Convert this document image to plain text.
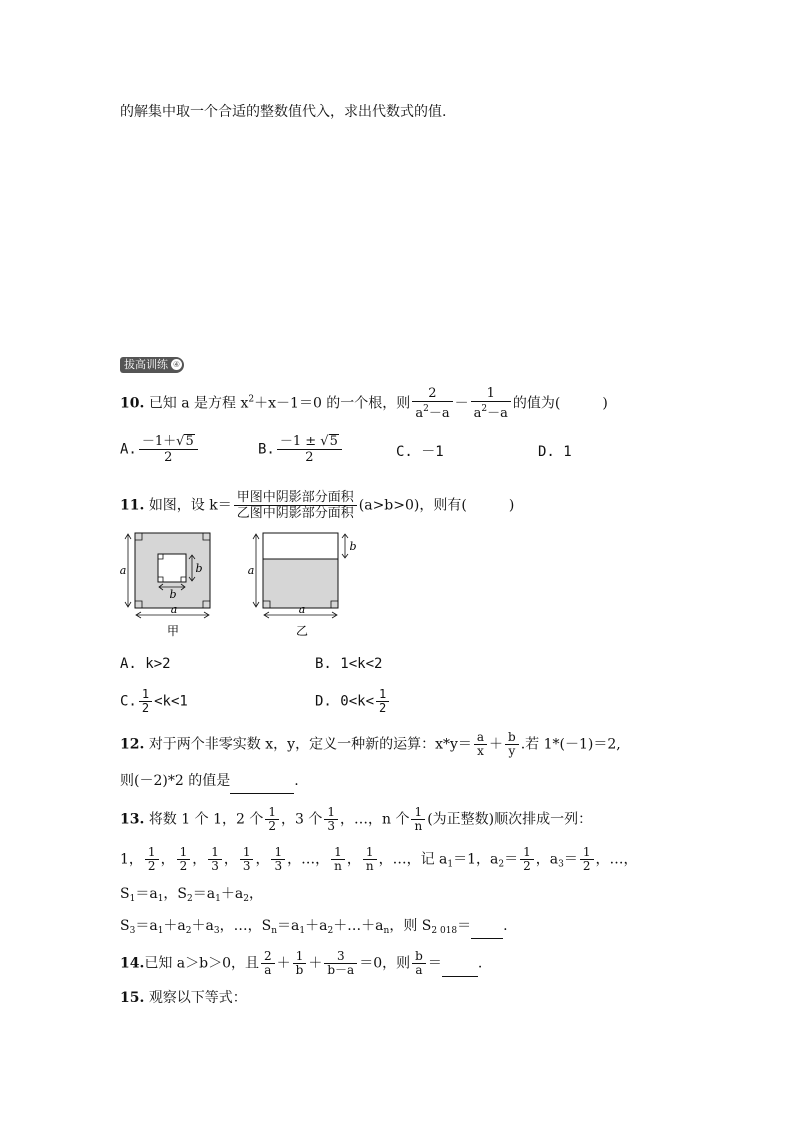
的解集中取一个合适的整数值代入，求出代数式的值.
拔高训练 ④
10. 已知 a 是方程 $x^2+x-1=0$ 的一个根，则 $\frac{2}{a^2-a} - \frac{1}{a^2-a}$ 的值为(	)
A. $\frac{-1+√5}{2}$	B. $\frac{-1 \pm √5}{2}$	C. －1	D. 1
11. 如图，设 $k= \frac{\text{甲图中阴影部分面积}}{\text{乙图中阴影部分面积}} (a>b>0)$，则有(	)
a
a
b
b
甲
a
b
a
乙
A. k>2	B. 1<k<2
C. $\frac{1}{2} <k<1$	D. $0<k< \frac{1}{2}$
12. 对于两个非零实数 x，y，定义一种新的运算：$x*y= \frac{a}{x} + \frac{b}{y}$ .若 1*(－1)＝2,
则(－2)*2 的值是	.
13. 将数 1 个 1，2 个 $\frac{1}{2}$ ，3 个 $\frac{1}{3}$ ，…，n 个 $\frac{1}{n}$ (为正整数)顺次排成一列：
1， $\frac{1}{2}$ ， $\frac{1}{2}$ ， $\frac{1}{3}$ ， $\frac{1}{3}$ ， $\frac{1}{3}$ ，…， $\frac{1}{n}$ ， $\frac{1}{n}$ ，…，记 $a_1=1$，$a_2= \frac{1}{2}$ ，$a_3= \frac{1}{2}$ ，…，
$S_1=a_1$，$S_2=a_1+a_2$，
$S_3=a_1+a_2+a_3$，…，$S_n=a_1+a_2+\dots+a_n$，则 $S_{2 018}=$ .
14.已知 a＞b＞0，且 $\frac{2}{a} + \frac{1}{b} + \frac{3}{b-a} =0$，则 $\frac{b}{a}$ ＝	.
15. 观察以下等式：
